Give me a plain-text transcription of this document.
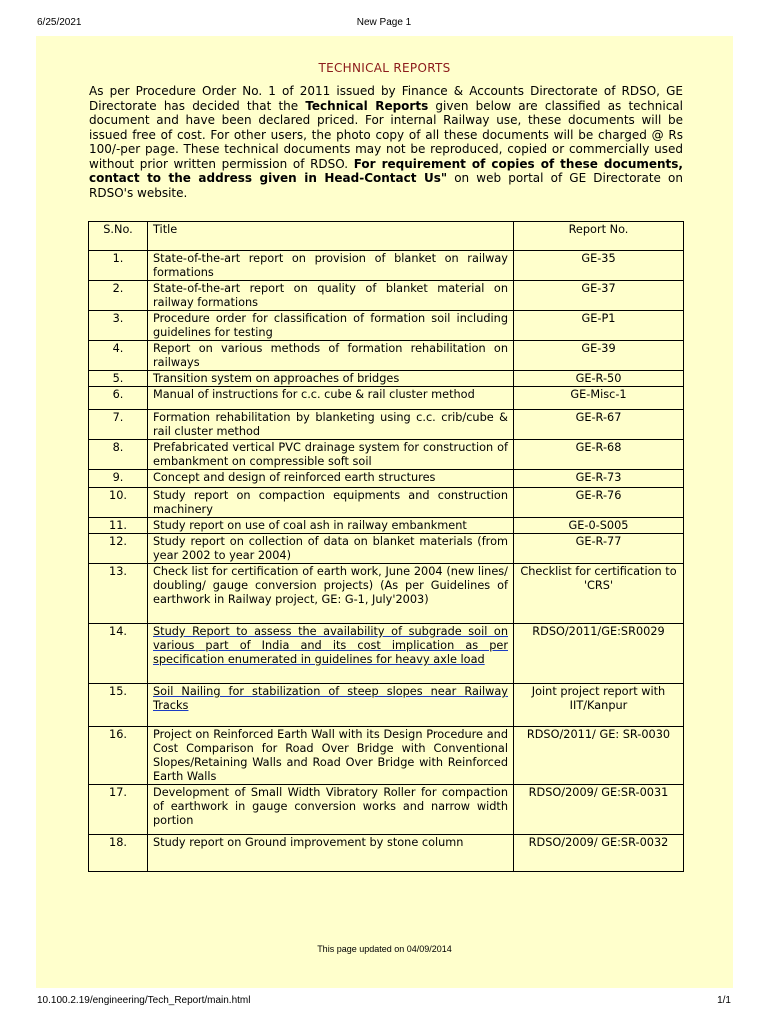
6/25/2021	New Page 1
TECHNICAL REPORTS
As per Procedure Order No. 1 of 2011 issued by Finance & Accounts Directorate of RDSO, GE Directorate has decided that the Technical Reports given below are classified as technical document and have been declared priced. For internal Railway use, these documents will be issued free of cost. For other users, the photo copy of all these documents will be charged @ Rs 100/-per page. These technical documents may not be reproduced, copied or commercially used without prior written permission of RDSO. For requirement of copies of these documents, contact to the address given in Head-Contact Us" on web portal of GE Directorate on RDSO's website.
S.No.	Title	Report No.
1.	State-of-the-art report on provision of blanket on railway formations	GE-35
2.	State-of-the-art report on quality of blanket material on railway formations	GE-37
3.	Procedure order for classification of formation soil including guidelines for testing	GE-P1
4.	Report on various methods of formation rehabilitation on railways	GE-39
5.	Transition system on approaches of bridges	GE-R-50
6.	Manual of instructions for c.c. cube & rail cluster method	GE-Misc-1
7.	Formation rehabilitation by blanketing using c.c. crib/cube & rail cluster method	GE-R-67
8.	Prefabricated vertical PVC drainage system for construction of embankment on compressible soft soil	GE-R-68
9.	Concept and design of reinforced earth structures	GE-R-73
10.	Study report on compaction equipments and construction machinery	GE-R-76
11.	Study report on use of coal ash in railway embankment	GE-0-S005
12.	Study report on collection of data on blanket materials (from year 2002 to year 2004)	GE-R-77
13.	Check list for certification of earth work, June 2004 (new lines/ doubling/ gauge conversion projects) (As per Guidelines of earthwork in Railway project, GE: G-1, July'2003)	Checklist for certification to 'CRS'
14.	Study Report to assess the availability of subgrade soil on various part of India and its cost implication as per specification enumerated in guidelines for heavy axle load	RDSO/2011/GE:SR0029
15.	Soil Nailing for stabilization of steep slopes near Railway Tracks	Joint project report with IIT/Kanpur
16.	Project on Reinforced Earth Wall with its Design Procedure and Cost Comparison for Road Over Bridge with Conventional Slopes/Retaining Walls and Road Over Bridge with Reinforced Earth Walls	RDSO/2011/ GE: SR-0030
17.	Development of Small Width Vibratory Roller for compaction of earthwork in gauge conversion works and narrow width portion	RDSO/2009/ GE:SR-0031
18.	Study report on Ground improvement by stone column	RDSO/2009/ GE:SR-0032
This page updated on 04/09/2014
10.100.2.19/engineering/Tech_Report/main.html	1/1
